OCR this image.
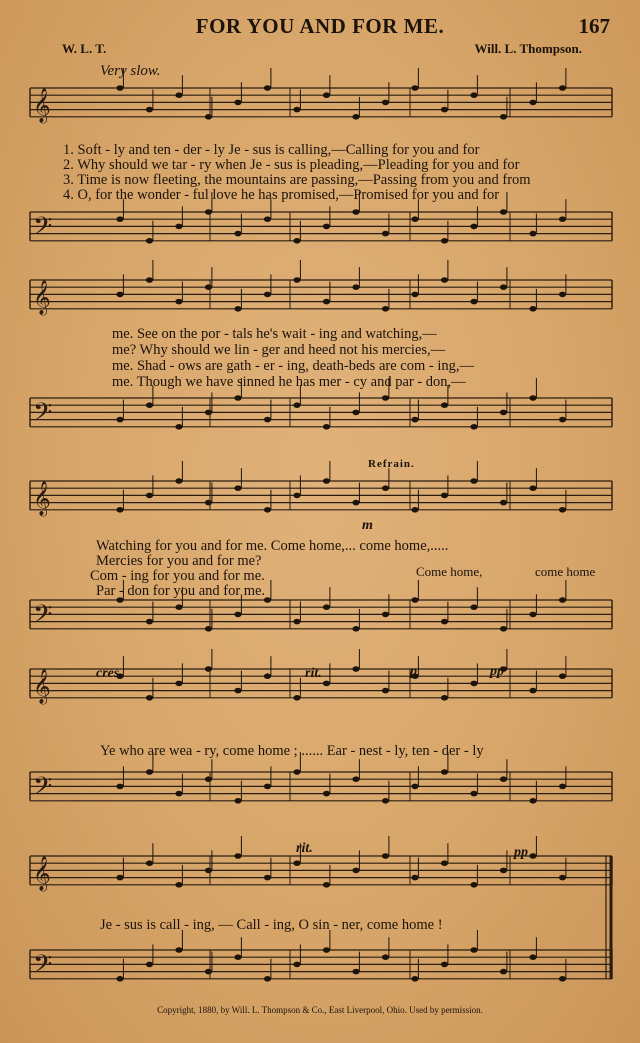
FOR YOU AND FOR ME.	167
W. L. T.	Will. L. Thompson.
Very slow.
𝄞
𝄢
𝄞
𝄢
𝄞
𝄢
𝄞
𝄢
𝄞
𝄢
1. Soft - ly and ten - der - ly Je - sus is calling,—Calling for you and for
2. Why should we tar - ry when Je - sus is pleading,—Pleading for you and for
3. Time is now fleeting, the mountains are passing,—Passing from you and from
4. O, for the wonder - ful love he has promised,—Promised for you and for
me. See on the por - tals he's wait - ing and watching,—
me? Why should we lin - ger and heed not his mercies,—
me. Shad - ows are gath - er - ing, death-beds are com - ing,—
me. Though we have sinned he has mer - cy and par - don,—
Refrain.
m
Watching for you and for me. Come home,... come home,.....
Mercies for you and for me?
Com - ing for you and for me.
Par - don for you and for me.
Come home,	come home
cres.	rit.	p	pp
Ye who are wea - ry, come home ; ...... Ear - nest - ly, ten - der - ly
rit.	pp
Je - sus is call - ing, — Call - ing, O sin - ner, come home !
Copyright, 1880, by Will. L. Thompson & Co., East Liverpool, Ohio. Used by permission.
